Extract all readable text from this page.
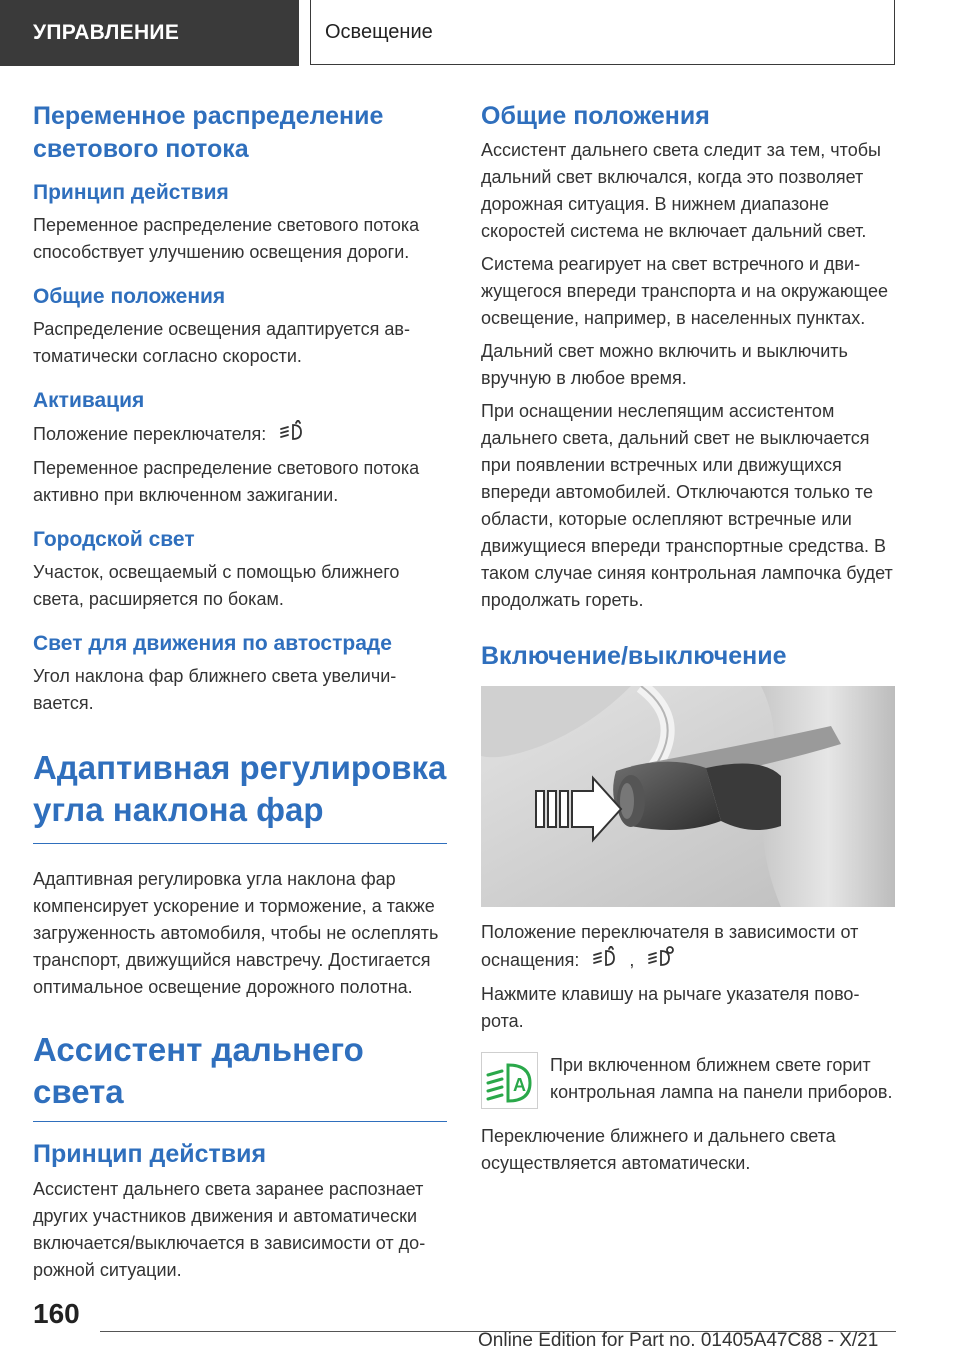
УПРАВЛЕНИЕ	Освещение
Переменное распределение светового потока
Принцип действия

Переменное распределение светового потока способствует улучшению освещения дороги.

Общие положения

Распределение освещения адаптируется автоматически согласно скорости.

Активация

Положение переключателя:

Переменное распределение светового потока активно при включенном зажигании.

Городской свет

Участок, освещаемый с помощью ближнего света, расширяется по бокам.

Свет для движения по автостраде

Угол наклона фар ближнего света увеличивается.

Адаптивная регулировка угла наклона фар

Адаптивная регулировка угла наклона фар компенсирует ускорение и торможение, а также загруженность автомобиля, чтобы не ослеплять транспорт, движущийся навстречу. Достигается оптимальное освещение дорожного полотна.

Ассистент дальнего света
Принцип действия

Ассистент дальнего света заранее распознает других участников движения и автоматически включается/выключается в зависимости от дорожной ситуации.

Общие положения

Ассистент дальнего света следит за тем, чтобы дальний свет включался, когда это позволяет дорожная ситуация. В нижнем диапазоне скоростей система не включает дальний свет.

Система реагирует на свет встречного и движущегося впереди транспорта и на окружающее освещение, например, в населенных пунктах.

Дальний свет можно включить и выключить вручную в любое время.

При оснащении неслепящим ассистентом дальнего света, дальний свет не выключается при появлении встречных или движущихся впереди автомобилей. Отключаются только те области, которые ослепляют встречные или движущиеся впереди транспортные средства. В таком случае синяя контрольная лампочка будет продолжать гореть.

Включение/выключение

Положение переключателя в зависимости от оснащения:	,

Нажмите клавишу на рычаге указателя поворота.

A

При включенном ближнем свете горит контрольная лампа на панели приборов.

Переключение ближнего и дальнего света осуществляется автоматически.

160
Online Edition for Part no. 01405A47C88 - X/21
